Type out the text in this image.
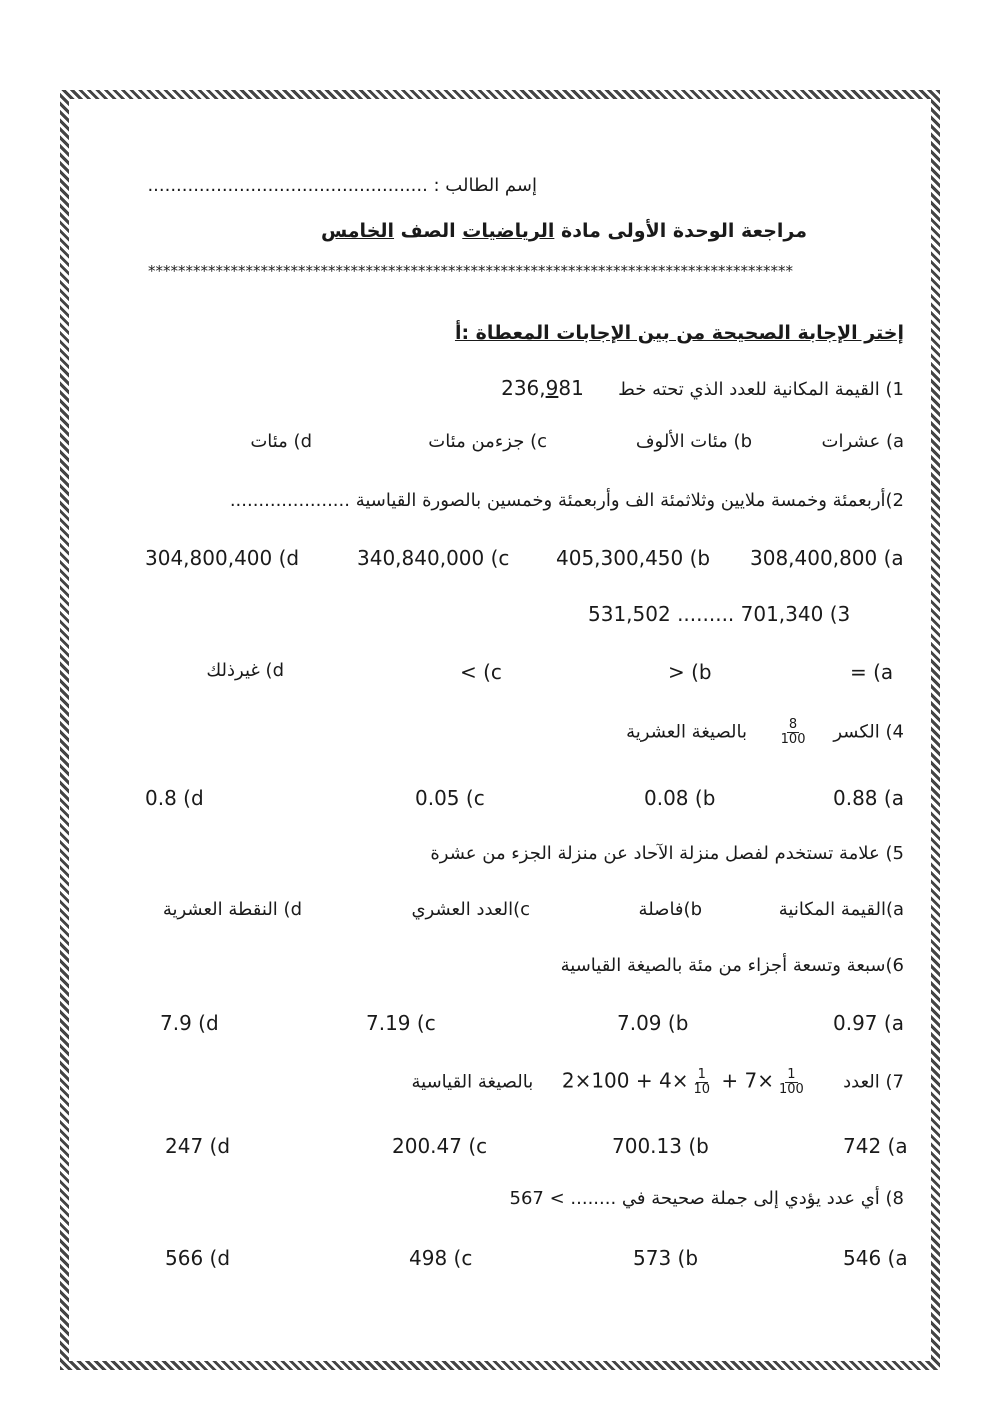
إسم الطالب : .................................................
مراجعة الوحدة الأولى مادة الرياضيات الصف الخامس
**************************************************************************************
إختر الإجابة الصحيحة من بين الإجابات المعطاة :أ
1) القيمة المكانية للعدد الذي تحته خط      236,981
a) عشرات
b) مئات الألوف
c) جزءمن مئات
d) مئات
2)أربعمئة وخمسة ملايين وثلاثمئة الف وأربعمئة وخمسين بالصورة القياسية .....................
308,400,800 (a
405,300,450 (b
340,840,000 (c
304,800,400 (d
531,502 ......... 701,340 (3
= (a
> (b
< (c
d) غيرذلك
4) الكسر
$\frac{8}{100}$
بالصيغة العشرية
0.88 (a
0.08 (b
0.05 (c
0.8 (d
5) علامة تستخدم لفصل منزلة الآحاد عن منزلة الجزء من عشرة
a)القيمة المكانية
b)فاصلة
c)العدد العشري
d) النقطة العشرية
6)سبعة وتسعة أجزاء من مئة بالصيغة القياسية
0.97 (a
7.09 (b
7.19 (c
7.9 (d
7) العدد      $2\times 100 + 4\times \frac{1}{10} + 7\times \frac{1}{100}$
بالصيغة القياسية
742 (a
700.13 (b
200.47 (c
247 (d
8) أي عدد يؤدي إلى جملة صحيحة في ........ > 567
546 (a
573 (b
498 (c
566 (d
